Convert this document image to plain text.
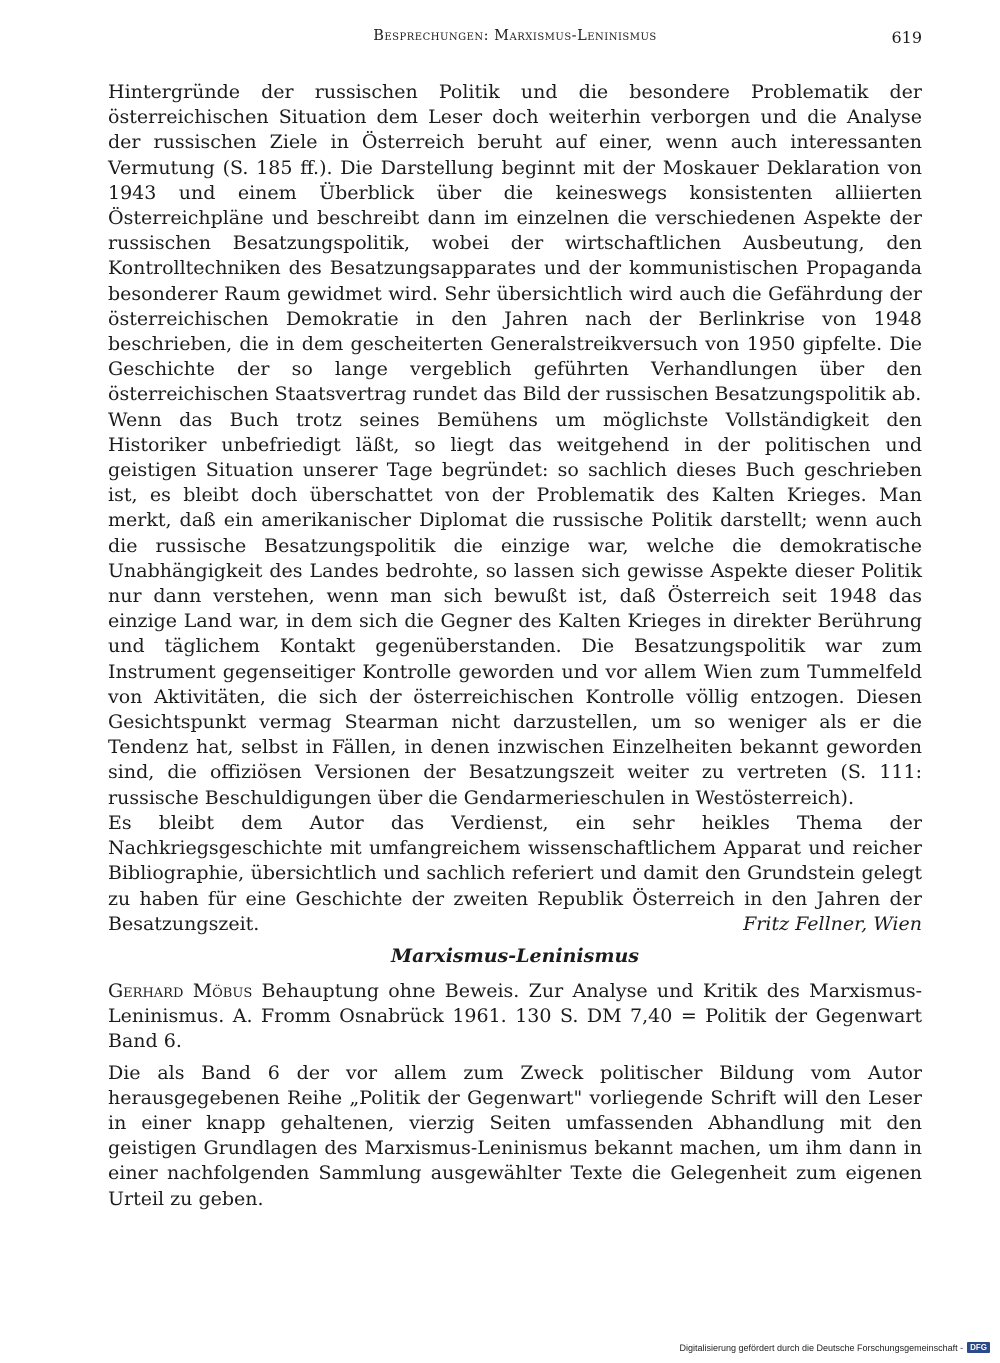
Besprechungen: Marxismus-Leninismus	619

Hintergründe der russischen Politik und die besondere Problematik der österreichischen Situation dem Leser doch weiterhin verborgen und die Analyse der russischen Ziele in Österreich beruht auf einer, wenn auch interessanten Vermutung (S. 185 ff.). Die Darstellung beginnt mit der Moskauer Deklaration von 1943 und einem Überblick über die keineswegs konsistenten alliierten Österreichpläne und beschreibt dann im einzelnen die verschiedenen Aspekte der russischen Besatzungspolitik, wobei der wirtschaftlichen Ausbeutung, den Kontrolltechniken des Besatzungsapparates und der kommunistischen Propaganda besonderer Raum gewidmet wird. Sehr übersichtlich wird auch die Gefährdung der österreichischen Demokratie in den Jahren nach der Berlinkrise von 1948 beschrieben, die in dem gescheiterten Generalstreikversuch von 1950 gipfelte. Die Geschichte der so lange vergeblich geführten Verhandlungen über den österreichischen Staatsvertrag rundet das Bild der russischen Besatzungspolitik ab.

Wenn das Buch trotz seines Bemühens um möglichste Vollständigkeit den Historiker unbefriedigt läßt, so liegt das weitgehend in der politischen und geistigen Situation unserer Tage begründet: so sachlich dieses Buch geschrieben ist, es bleibt doch überschattet von der Problematik des Kalten Krieges. Man merkt, daß ein amerikanischer Diplomat die russische Politik darstellt; wenn auch die russische Besatzungspolitik die einzige war, welche die demokratische Unabhängigkeit des Landes bedrohte, so lassen sich gewisse Aspekte dieser Politik nur dann verstehen, wenn man sich bewußt ist, daß Österreich seit 1948 das einzige Land war, in dem sich die Gegner des Kalten Krieges in direkter Berührung und täglichem Kontakt gegenüberstanden. Die Besatzungspolitik war zum Instrument gegenseitiger Kontrolle geworden und vor allem Wien zum Tummelfeld von Aktivitäten, die sich der österreichischen Kontrolle völlig entzogen. Diesen Gesichtspunkt vermag Stearman nicht darzustellen, um so weniger als er die Tendenz hat, selbst in Fällen, in denen inzwischen Einzelheiten bekannt geworden sind, die offiziösen Versionen der Besatzungszeit weiter zu vertreten (S. 111: russische Beschuldigungen über die Gendarmerieschulen in Westösterreich).

Es bleibt dem Autor das Verdienst, ein sehr heikles Thema der Nachkriegsgeschichte mit umfangreichem wissenschaftlichem Apparat und reicher Bibliographie, übersichtlich und sachlich referiert und damit den Grundstein gelegt zu haben für eine Geschichte der zweiten Republik Österreich in den Jahren der Besatzungszeit.	Fritz Fellner, Wien
Marxismus-Leninismus

Gerhard Möbus Behauptung ohne Beweis. Zur Analyse und Kritik des Marxismus-Leninismus. A. Fromm Osnabrück 1961. 130 S. DM 7,40 = Politik der Gegenwart Band 6.

Die als Band 6 der vor allem zum Zweck politischer Bildung vom Autor herausgegebenen Reihe „Politik der Gegenwart" vorliegende Schrift will den Leser in einer knapp gehaltenen, vierzig Seiten umfassenden Abhandlung mit den geistigen Grundlagen des Marxismus-Leninismus bekannt machen, um ihm dann in einer nachfolgenden Sammlung ausgewählter Texte die Gelegenheit zum eigenen Urteil zu geben.

Digitalisierung gefördert durch die Deutsche Forschungsgemeinschaft - DFG
